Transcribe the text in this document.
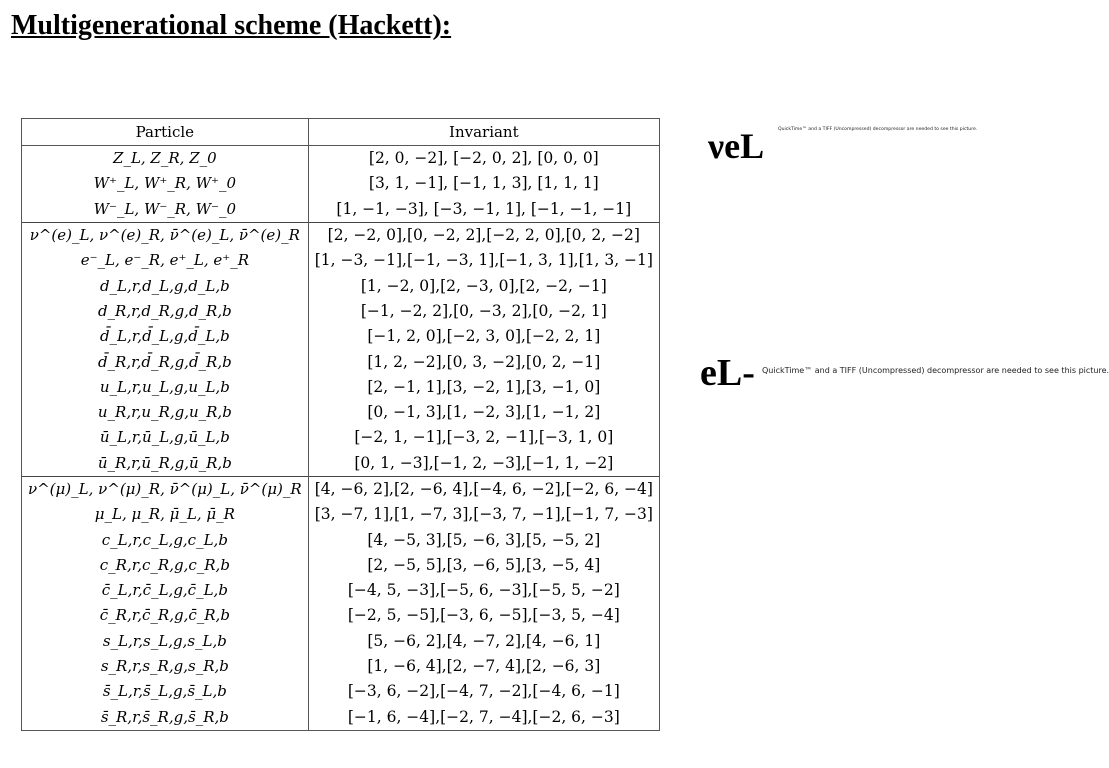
Multigenerational scheme (Hackett):
Particle	Invariant
Z_L, Z_R, Z_0	[2, 0, −2], [−2, 0, 2], [0, 0, 0]
W⁺_L, W⁺_R, W⁺_0	[3, 1, −1], [−1, 1, 3], [1, 1, 1]
W⁻_L, W⁻_R, W⁻_0	[1, −1, −3], [−3, −1, 1], [−1, −1, −1]
ν^(e)_L, ν^(e)_R, ν̄^(e)_L, ν̄^(e)_R	[2, −2, 0],[0, −2, 2],[−2, 2, 0],[0, 2, −2]
e⁻_L, e⁻_R, e⁺_L, e⁺_R	[1, −3, −1],[−1, −3, 1],[−1, 3, 1],[1, 3, −1]
d_L,r,d_L,g,d_L,b	[1, −2, 0],[2, −3, 0],[2, −2, −1]
d_R,r,d_R,g,d_R,b	[−1, −2, 2],[0, −3, 2],[0, −2, 1]
d̄_L,r,d̄_L,g,d̄_L,b	[−1, 2, 0],[−2, 3, 0],[−2, 2, 1]
d̄_R,r,d̄_R,g,d̄_R,b	[1, 2, −2],[0, 3, −2],[0, 2, −1]
u_L,r,u_L,g,u_L,b	[2, −1, 1],[3, −2, 1],[3, −1, 0]
u_R,r,u_R,g,u_R,b	[0, −1, 3],[1, −2, 3],[1, −1, 2]
ū_L,r,ū_L,g,ū_L,b	[−2, 1, −1],[−3, 2, −1],[−3, 1, 0]
ū_R,r,ū_R,g,ū_R,b	[0, 1, −3],[−1, 2, −3],[−1, 1, −2]
ν^(μ)_L, ν^(μ)_R, ν̄^(μ)_L, ν̄^(μ)_R	[4, −6, 2],[2, −6, 4],[−4, 6, −2],[−2, 6, −4]
μ_L, μ_R, μ̄_L, μ̄_R	[3, −7, 1],[1, −7, 3],[−3, 7, −1],[−1, 7, −3]
c_L,r,c_L,g,c_L,b	[4, −5, 3],[5, −6, 3],[5, −5, 2]
c_R,r,c_R,g,c_R,b	[2, −5, 5],[3, −6, 5],[3, −5, 4]
c̄_L,r,c̄_L,g,c̄_L,b	[−4, 5, −3],[−5, 6, −3],[−5, 5, −2]
c̄_R,r,c̄_R,g,c̄_R,b	[−2, 5, −5],[−3, 6, −5],[−3, 5, −4]
s_L,r,s_L,g,s_L,b	[5, −6, 2],[4, −7, 2],[4, −6, 1]
s_R,r,s_R,g,s_R,b	[1, −6, 4],[2, −7, 4],[2, −6, 3]
s̄_L,r,s̄_L,g,s̄_L,b	[−3, 6, −2],[−4, 7, −2],[−4, 6, −1]
s̄_R,r,s̄_R,g,s̄_R,b	[−1, 6, −4],[−2, 7, −4],[−2, 6, −3]
νeL
eL-
QuickTime™ and a TIFF (Uncompressed) decompressor are needed to see this picture.
QuickTime™ and a TIFF (Uncompressed) decompressor are needed to see this picture.
